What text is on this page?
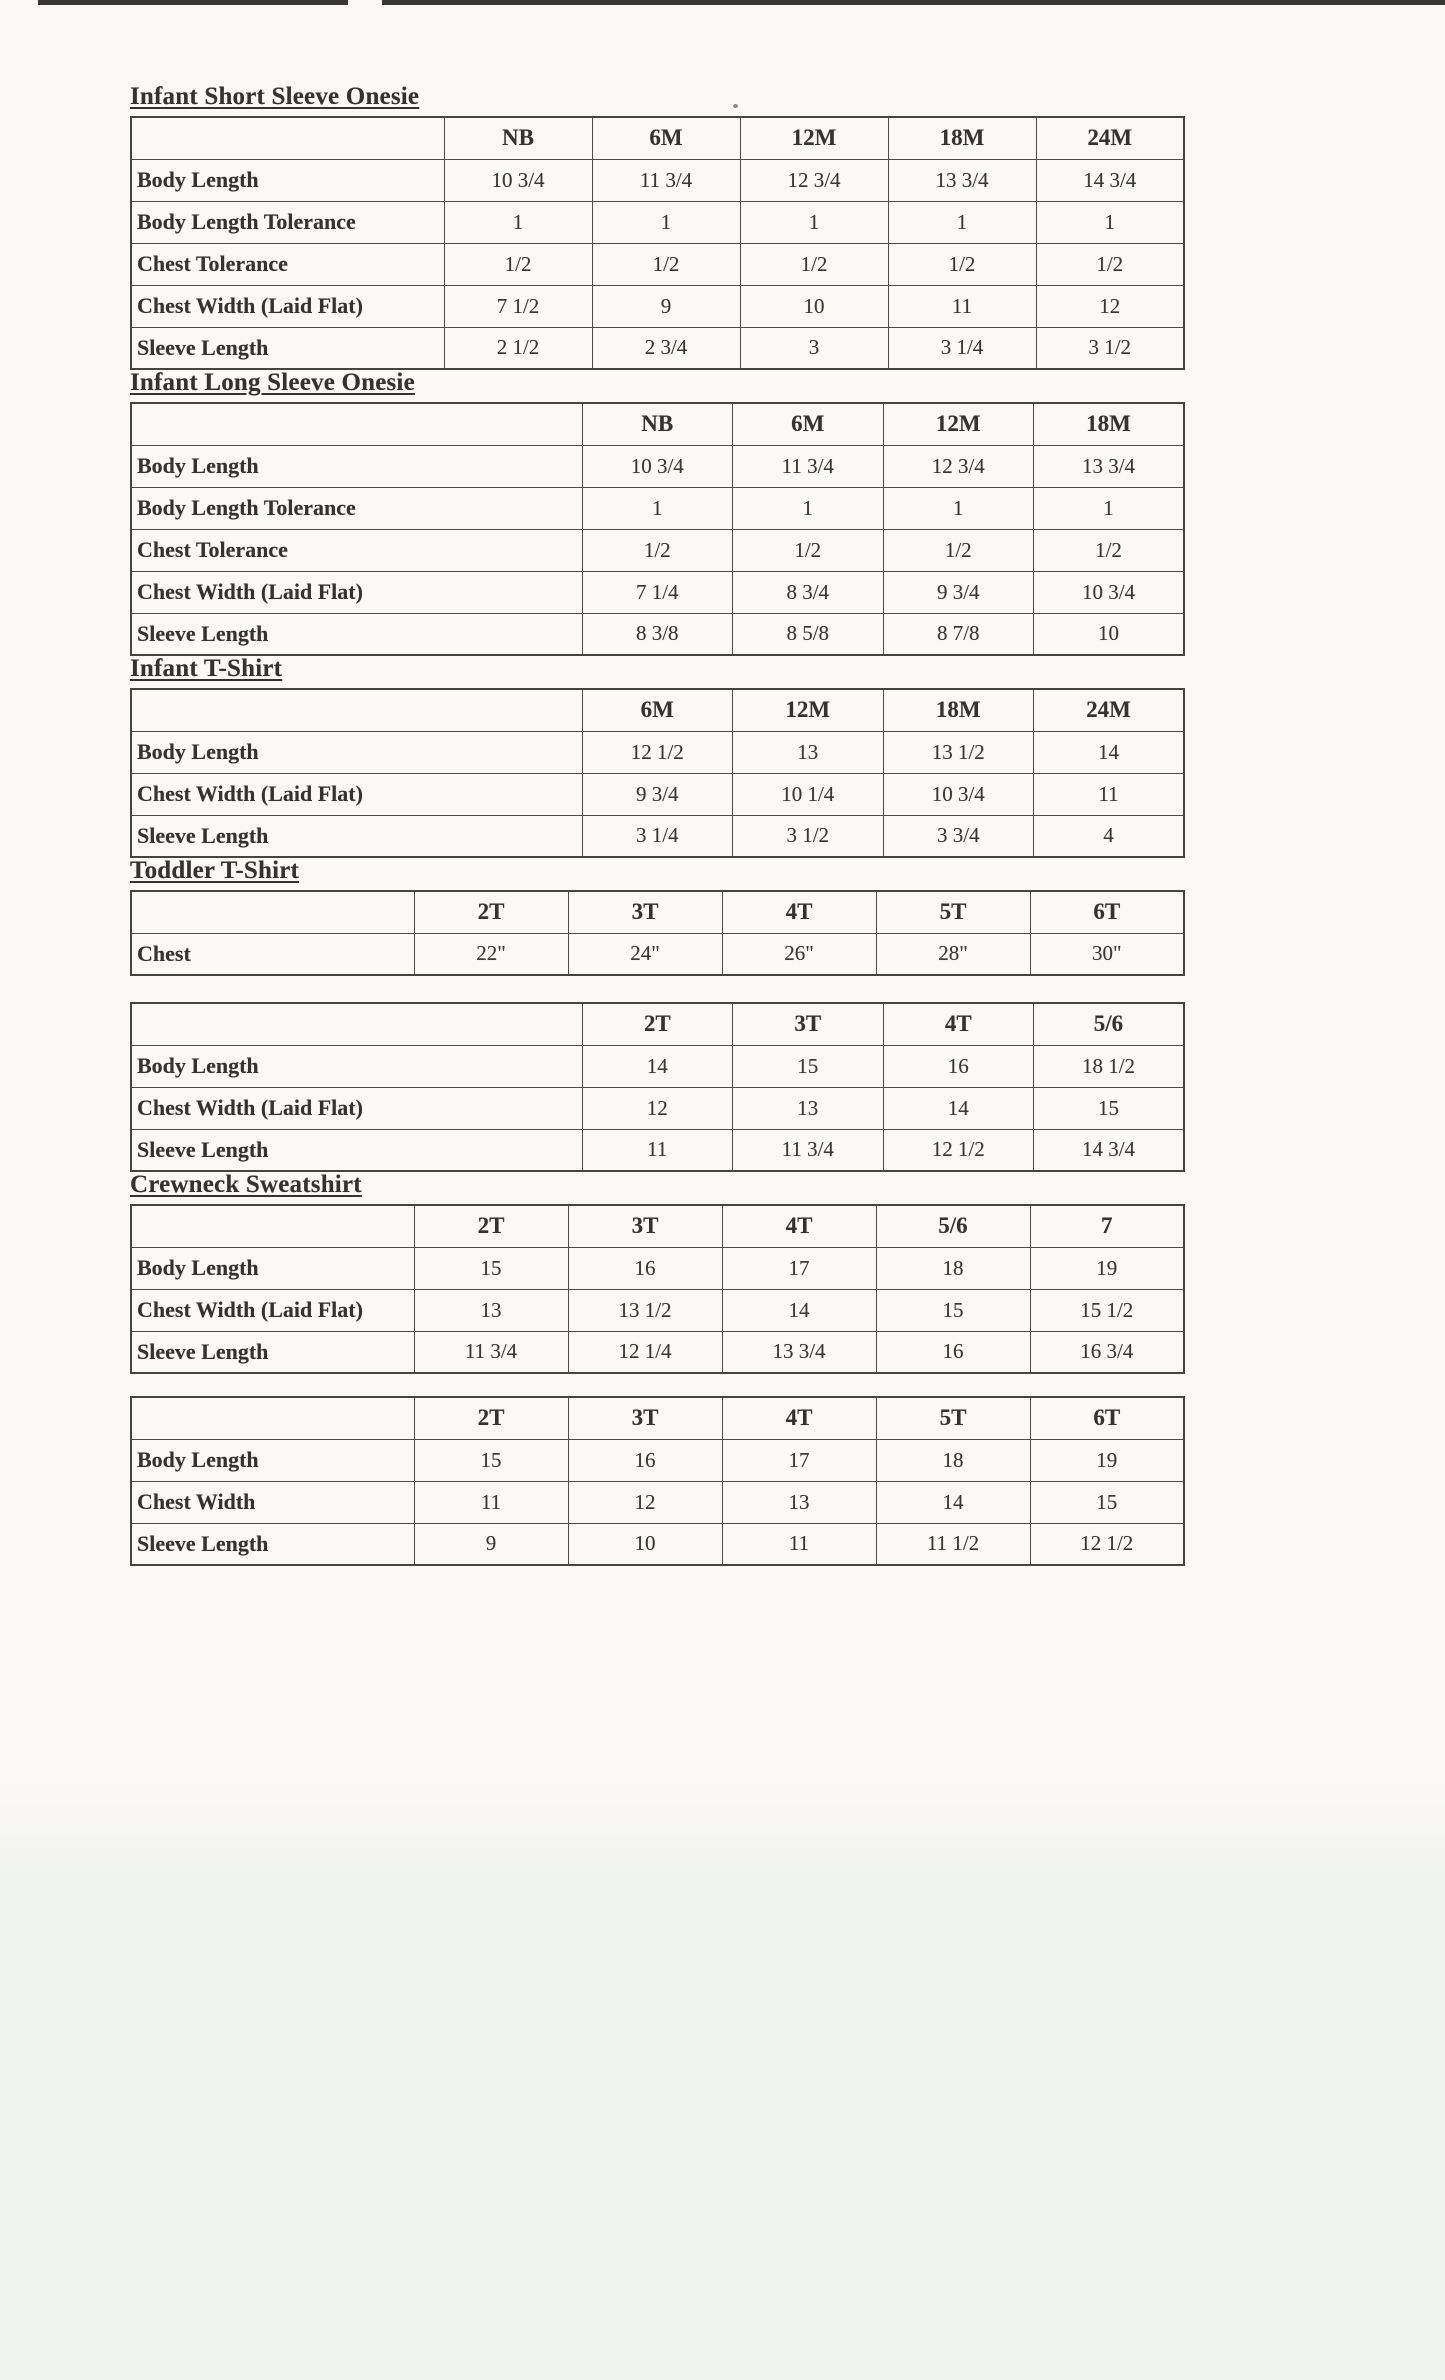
Infant Short Sleeve Onesie
	NB	6M	12M	18M	24M
Body Length	10 3/4	11 3/4	12 3/4	13 3/4	14 3/4
Body Length Tolerance	1	1	1	1	1
Chest Tolerance	1/2	1/2	1/2	1/2	1/2
Chest Width (Laid Flat)	7 1/2	9	10	11	12
Sleeve Length	2 1/2	2 3/4	3	3 1/4	3 1/2
Infant Long Sleeve Onesie
	NB	6M	12M	18M
Body Length	10 3/4	11 3/4	12 3/4	13 3/4
Body Length Tolerance	1	1	1	1
Chest Tolerance	1/2	1/2	1/2	1/2
Chest Width (Laid Flat)	7 1/4	8 3/4	9 3/4	10 3/4
Sleeve Length	8 3/8	8 5/8	8 7/8	10
Infant T-Shirt
	6M	12M	18M	24M
Body Length	12 1/2	13	13 1/2	14
Chest Width (Laid Flat)	9 3/4	10 1/4	10 3/4	11
Sleeve Length	3 1/4	3 1/2	3 3/4	4
Toddler T-Shirt
	2T	3T	4T	5T	6T
Chest	22"	24"	26"	28"	30"
	2T	3T	4T	5/6
Body Length	14	15	16	18 1/2
Chest Width (Laid Flat)	12	13	14	15
Sleeve Length	11	11 3/4	12 1/2	14 3/4
Crewneck Sweatshirt
	2T	3T	4T	5/6	7
Body Length	15	16	17	18	19
Chest Width (Laid Flat)	13	13 1/2	14	15	15 1/2
Sleeve Length	11 3/4	12 1/4	13 3/4	16	16 3/4
	2T	3T	4T	5T	6T
Body Length	15	16	17	18	19
Chest Width	11	12	13	14	15
Sleeve Length	9	10	11	11 1/2	12 1/2
